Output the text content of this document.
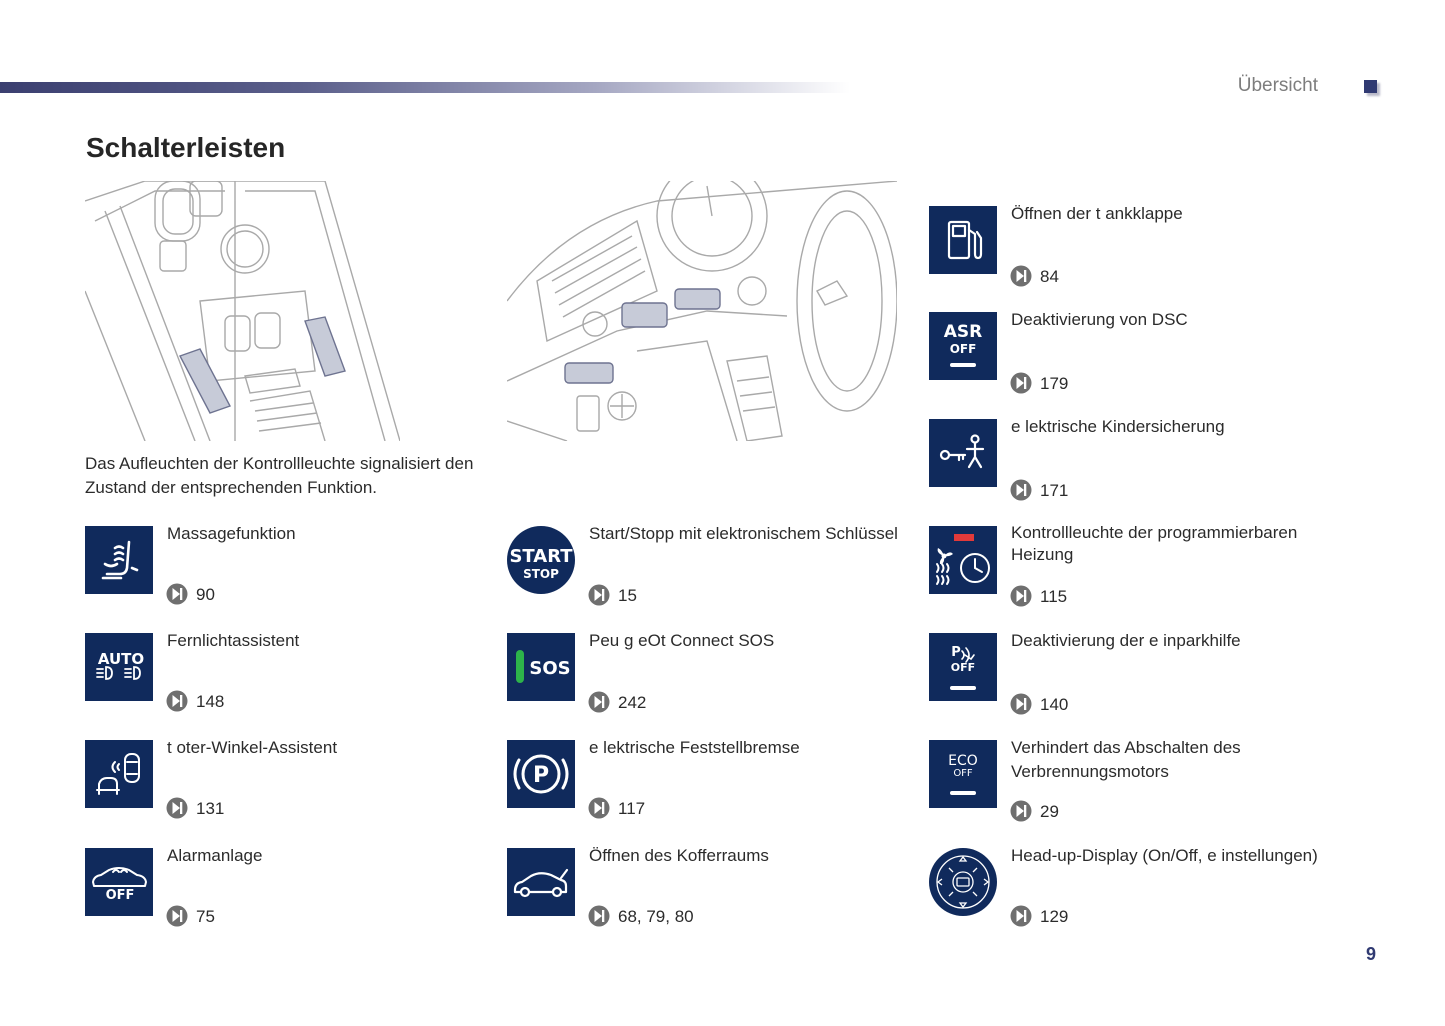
Übersicht
Schalterleisten
Das Aufleuchten der Kontrollleuchte signalisiert den Zustand der entsprechenden Funktion.
Massagefunktion
90
AUTO
Fernlichtassistent
148
t oter-Winkel-Assistent
131
OFF
Alarmanlage
75
START
STOP
Start/Stopp mit elektronischem Schlüssel
15
SOS
Peu g eOt Connect SOS
242
P
e lektrische Feststellbremse
117
Öffnen des Kofferraums
68, 79, 80
Öffnen der t ankklappe
84
ASR
OFF
Deaktivierung von DSC
179
e lektrische Kindersicherung
171
Kontrollleuchte der programmierbaren Heizung
115
P
OFF
Deaktivierung der e inparkhilfe
140
ECO
OFF
Verhindert das Abschalten des Verbrennungsmotors
29
Head-up-Display (On/Off, e instellungen)
129
9
